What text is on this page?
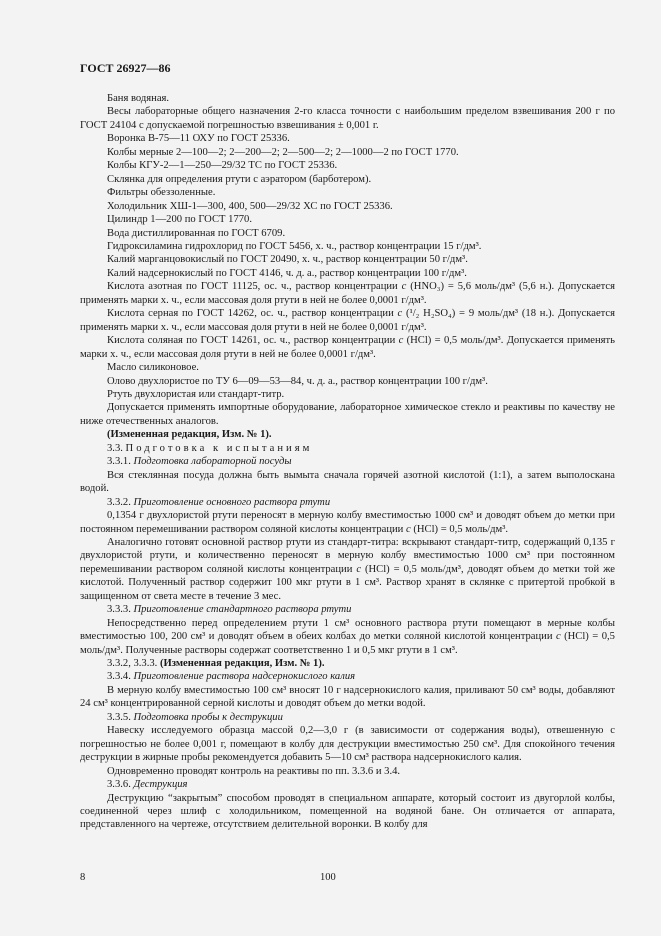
ГОСТ 26927—86

Баня водяная.

Весы лабораторные общего назначения 2-го класса точности с наибольшим пределом взвешивания 200 г по ГОСТ 24104 с допускаемой погрешностью взвешивания ± 0,001 г.

Воронка В-75—11 ОХУ по ГОСТ 25336.

Колбы мерные 2—100—2; 2—200—2; 2—500—2; 2—1000—2 по ГОСТ 1770.

Колбы КГУ-2—1—250—29/32 ТС по ГОСТ 25336.

Склянка для определения ртути с аэратором (барботером).

Фильтры обеззоленные.

Холодильник ХШ-1—300, 400, 500—29/32 ХС по ГОСТ 25336.

Цилиндр 1—200 по ГОСТ 1770.

Вода дистиллированная по ГОСТ 6709.

Гидроксиламина гидрохлорид по ГОСТ 5456, х. ч., раствор концентрации 15 г/дм³.

Калий марганцовокислый по ГОСТ 20490, х. ч., раствор концентрации 50 г/дм³.

Калий надсернокислый по ГОСТ 4146, ч. д. а., раствор концентрации 100 г/дм³.

Кислота азотная по ГОСТ 11125, ос. ч., раствор концентрации c (HNO₃) = 5,6 моль/дм³ (5,6 н.). Допускается применять марки х. ч., если массовая доля ртути в ней не более 0,0001 г/дм³.

Кислота серная по ГОСТ 14262, ос. ч., раствор концентрации c (¹/₂ H₂SO₄) = 9 моль/дм³ (18 н.). Допускается применять марки х. ч., если массовая доля ртути в ней не более 0,0001 г/дм³.

Кислота соляная по ГОСТ 14261, ос. ч., раствор концентрации c (HCl) = 0,5 моль/дм³. Допускается применять марки х. ч., если массовая доля ртути в ней не более 0,0001 г/дм³.

Масло силиконовое.

Олово двухлористое по ТУ 6—09—53—84, ч. д. а., раствор концентрации 100 г/дм³.

Ртуть двухлористая или стандарт-титр.

Допускается применять импортные оборудование, лабораторное химическое стекло и реактивы по качеству не ниже отечественных аналогов.

(Измененная редакция, Изм. № 1).

3.3. Подготовка к испытаниям

3.3.1. Подготовка лабораторной посуды

Вся стеклянная посуда должна быть вымыта сначала горячей азотной кислотой (1:1), а затем выполоскана водой.

3.3.2. Приготовление основного раствора ртути

0,1354 г двухлористой ртути переносят в мерную колбу вместимостью 1000 см³ и доводят объем до метки при постоянном перемешивании раствором соляной кислоты концентрации c (HCl) = 0,5 моль/дм³.

Аналогично готовят основной раствор ртути из стандарт-титра: вскрывают стандарт-титр, содержащий 0,135 г двухлористой ртути, и количественно переносят в мерную колбу вместимостью 1000 см³ при постоянном перемешивании раствором соляной кислоты концентрации c (HCl) = 0,5 моль/дм³, доводят объем до метки той же кислотой. Полученный раствор содержит 100 мкг ртути в 1 см³. Раствор хранят в склянке с притертой пробкой в защищенном от света месте в течение 3 мес.

3.3.3. Приготовление стандартного раствора ртути

Непосредственно перед определением ртути 1 см³ основного раствора ртути помещают в мерные колбы вместимостью 100, 200 см³ и доводят объем в обеих колбах до метки соляной кислотой концентрации c (HCl) = 0,5 моль/дм³. Полученные растворы содержат соответственно 1 и 0,5 мкг ртути в 1 см³.

3.3.2, 3.3.3. (Измененная редакция, Изм. № 1).

3.3.4. Приготовление раствора надсернокислого калия

В мерную колбу вместимостью 100 см³ вносят 10 г надсернокислого калия, приливают 50 см³ воды, добавляют 24 см³ концентрированной серной кислоты и доводят объем до метки водой.

3.3.5. Подготовка пробы к деструкции

Навеску исследуемого образца массой 0,2—3,0 г (в зависимости от содержания воды), отвешенную с погрешностью не более 0,001 г, помещают в колбу для деструкции вместимостью 250 см³. Для спокойного течения деструкции в жирные пробы рекомендуется добавить 5—10 см³ раствора надсернокислого калия.

Одновременно проводят контроль на реактивы по пп. 3.3.6 и 3.4.

3.3.6. Деструкция

Деструкцию “закрытым” способом проводят в специальном аппарате, который состоит из двугорлой колбы, соединенной через шлиф с холодильником, помещенной на водяной бане. Он отличается от аппарата, представленного на чертеже, отсутствием делительной воронки. В колбу для

8	100
